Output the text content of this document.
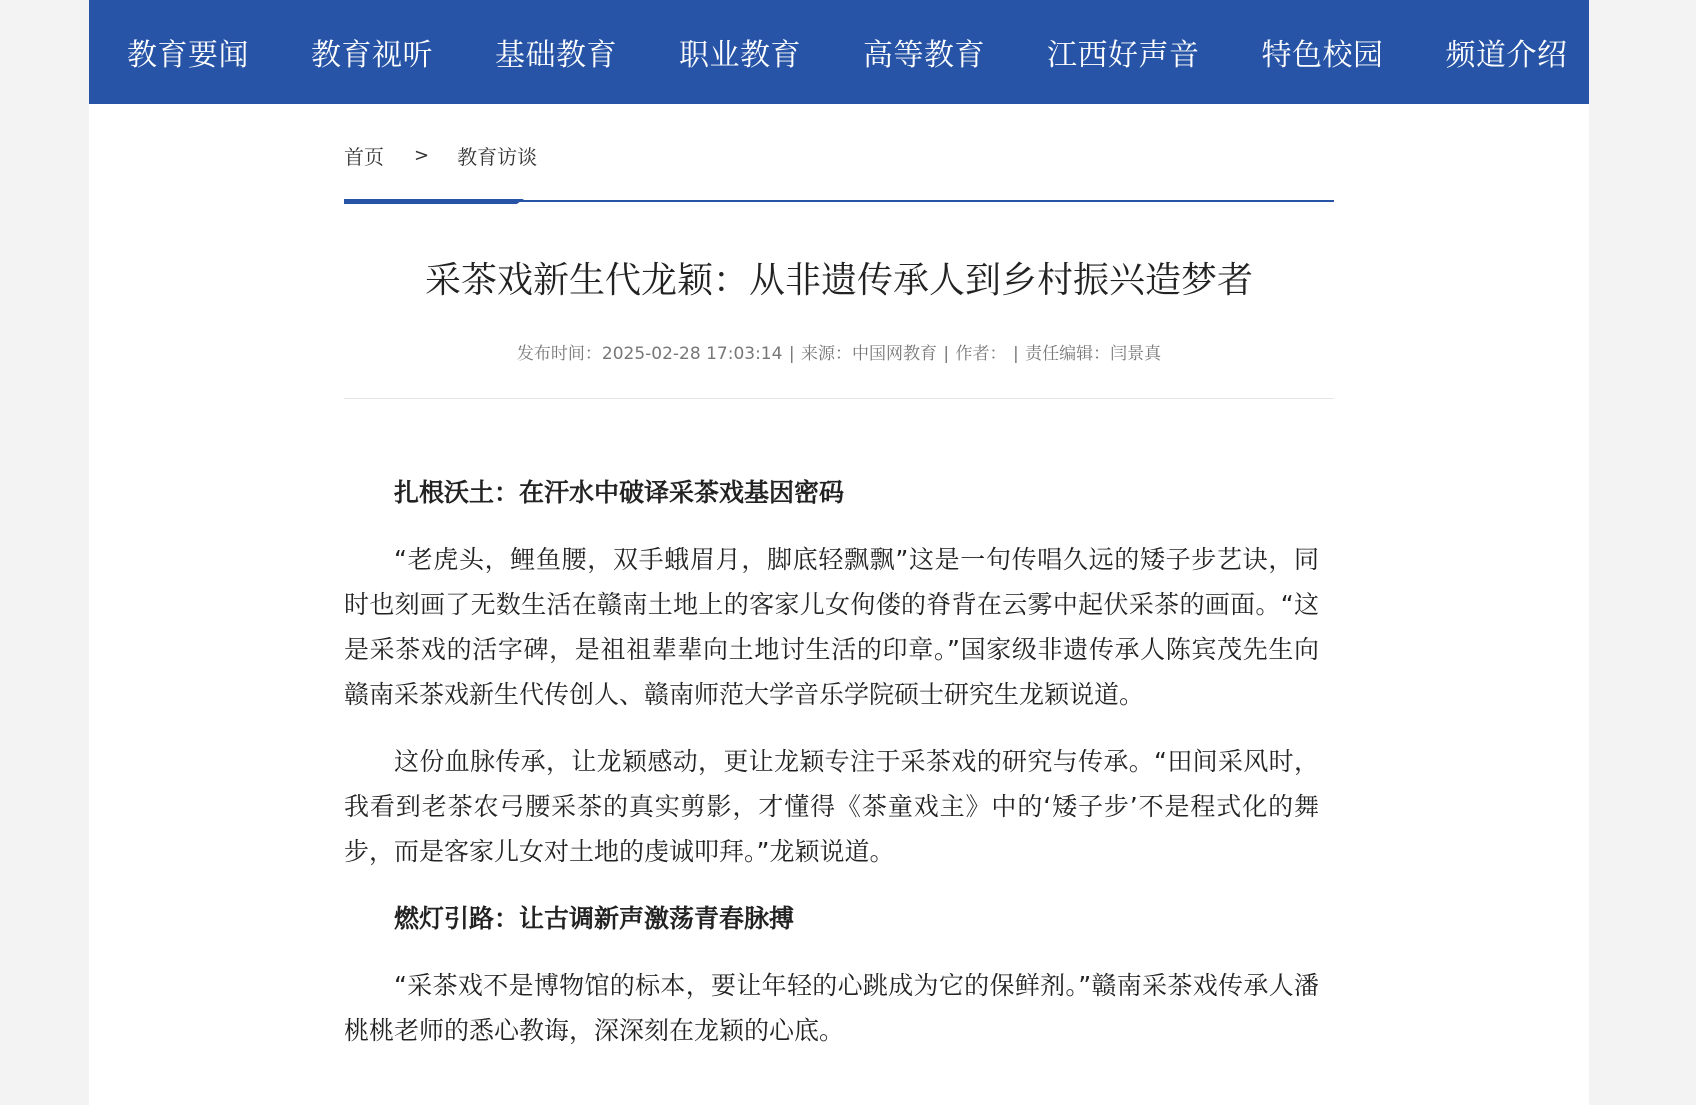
教育要闻 教育视听 基础教育 职业教育 高等教育 江西好声音 特色校园 频道介绍
首页 > 教育访谈
采茶戏新生代龙颖：从非遗传承人到乡村振兴造梦者
发布时间：2025-02-28 17:03:14 | 来源：中国网教育 | 作者： | 责任编辑：闫景真

扎根沃土：在汗水中破译采茶戏基因密码

“老虎头，鲤鱼腰，双手蛾眉月，脚底轻飘飘”这是一句传唱久远的矮子步艺诀，同时也刻画了无数生活在赣南土地上的客家儿女佝偻的脊背在云雾中起伏采茶的画面。“这是采茶戏的活字碑，是祖祖辈辈向土地讨生活的印章。”国家级非遗传承人陈宾茂先生向赣南采茶戏新生代传创人、赣南师范大学音乐学院硕士研究生龙颖说道。

这份血脉传承，让龙颖感动，更让龙颖专注于采茶戏的研究与传承。“田间采风时，我看到老茶农弓腰采茶的真实剪影，才懂得《茶童戏主》中的‘矮子步’不是程式化的舞步，而是客家儿女对土地的虔诚叩拜。”龙颖说道。

燃灯引路：让古调新声激荡青春脉搏

“采茶戏不是博物馆的标本，要让年轻的心跳成为它的保鲜剂。”赣南采茶戏传承人潘桃桃老师的悉心教诲，深深刻在龙颖的心底。
